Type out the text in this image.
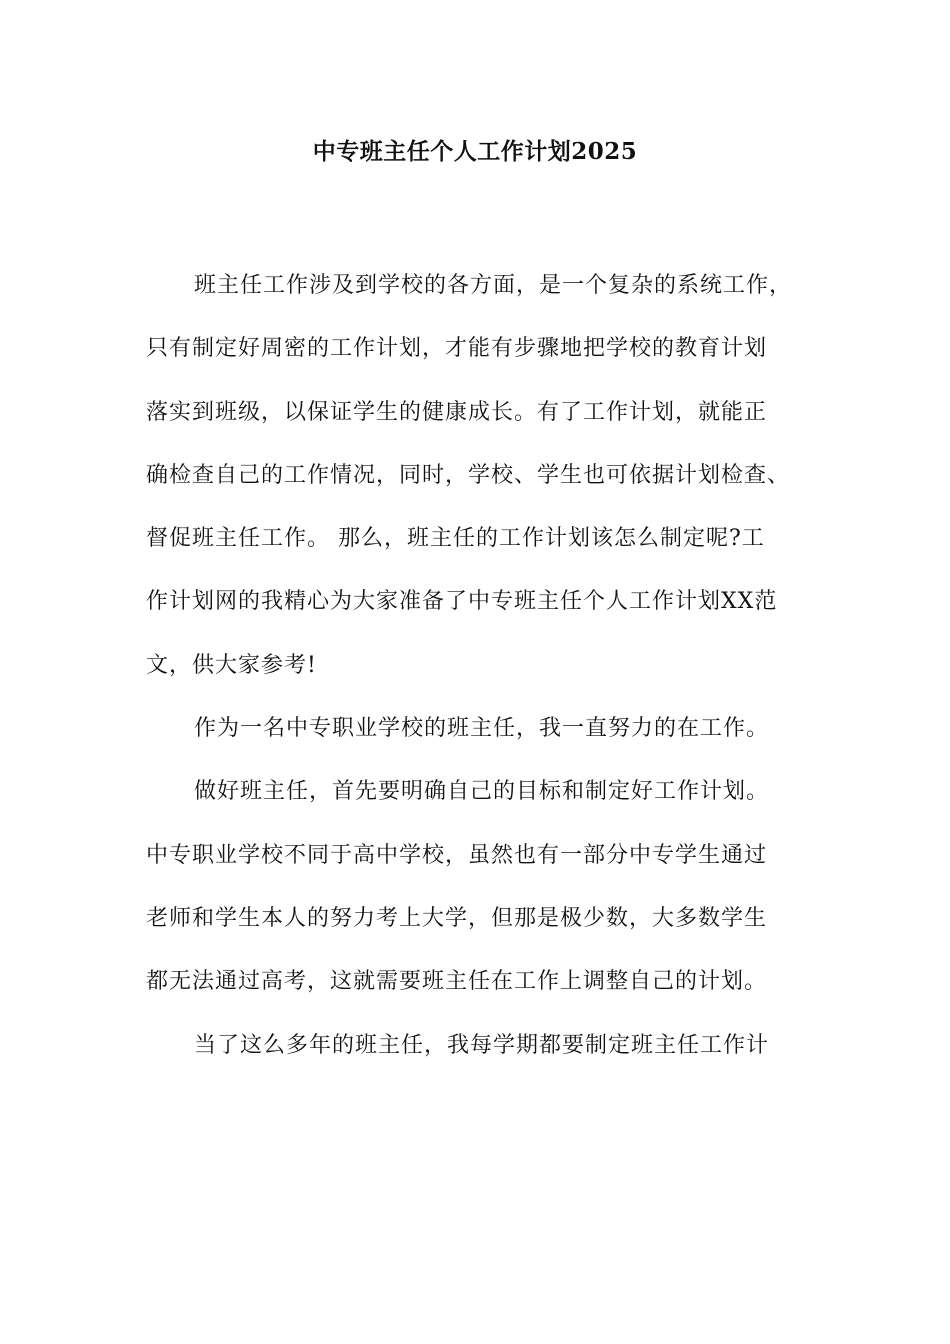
中专班主任个人工作计划2025
班主任工作涉及到学校的各方面，是一个复杂的系统工作，
只有制定好周密的工作计划，才能有步骤地把学校的教育计划
落实到班级，以保证学生的健康成长。有了工作计划，就能正
确检查自己的工作情况，同时，学校、学生也可依据计划检查、
督促班主任工作。 那么，班主任的工作计划该怎么制定呢?工
作计划网的我精心为大家准备了中专班主任个人工作计划XX范
文，供大家参考!
作为一名中专职业学校的班主任，我一直努力的在工作。
做好班主任，首先要明确自己的目标和制定好工作计划。
中专职业学校不同于高中学校，虽然也有一部分中专学生通过
老师和学生本人的努力考上大学，但那是极少数，大多数学生
都无法通过高考，这就需要班主任在工作上调整自己的计划。
当了这么多年的班主任，我每学期都要制定班主任工作计
